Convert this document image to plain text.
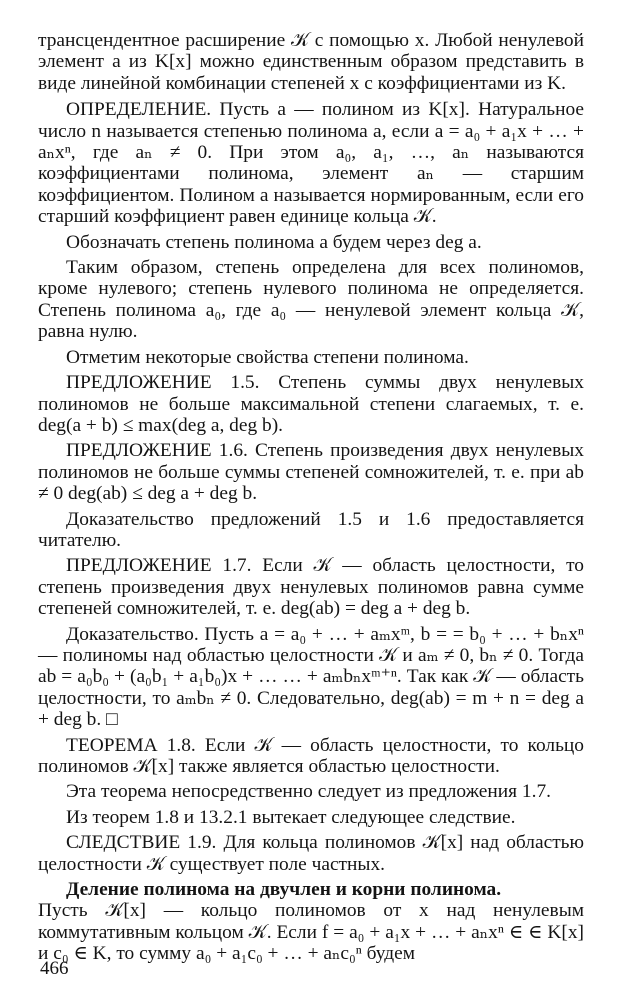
трансцендентное расширение 𝒦 с помощью x. Любой ненулевой элемент a из K[x] можно единственным образом представить в виде линейной комбинации степеней x с коэффициентами из K.

ОПРЕДЕЛЕНИЕ. Пусть a — полином из K[x]. Натуральное число n называется степенью полинома a, если a = a₀ + a₁x + … + aₙxⁿ, где aₙ ≠ 0. При этом a₀, a₁, …, aₙ называются коэффициентами полинома, элемент aₙ — старшим коэффициентом. Полином a называется нормированным, если его старший коэффициент равен единице кольца 𝒦.

Обозначать степень полинома a будем через deg a.

Таким образом, степень определена для всех полиномов, кроме нулевого; степень нулевого полинома не определяется. Степень полинома a₀, где a₀ — ненулевой элемент кольца 𝒦, равна нулю.

Отметим некоторые свойства степени полинома.

ПРЕДЛОЖЕНИЕ 1.5. Степень суммы двух ненулевых полиномов не больше максимальной степени слагаемых, т. е. deg(a + b) ≤ max(deg a, deg b).

ПРЕДЛОЖЕНИЕ 1.6. Степень произведения двух ненулевых полиномов не больше суммы степеней сомножителей, т. е. при ab ≠ 0 deg(ab) ≤ deg a + deg b.

Доказательство предложений 1.5 и 1.6 предоставляется читателю.

ПРЕДЛОЖЕНИЕ 1.7. Если 𝒦 — область целостности, то степень произведения двух ненулевых полиномов равна сумме степеней сомножителей, т. е. deg(ab) = deg a + deg b.

Доказательство. Пусть a = a₀ + … + aₘxᵐ, b = = b₀ + … + bₙxⁿ — полиномы над областью целостности 𝒦 и aₘ ≠ 0, bₙ ≠ 0. Тогда ab = a₀b₀ + (a₀b₁ + a₁b₀)x + … … + aₘbₙxᵐ⁺ⁿ. Так как 𝒦 — область целостности, то aₘbₙ ≠ 0. Следовательно, deg(ab) = m + n = deg a + deg b. □

ТЕОРЕМА 1.8. Если 𝒦 — область целостности, то кольцо полиномов 𝒦[x] также является областью целостности.

Эта теорема непосредственно следует из предложения 1.7.

Из теорем 1.8 и 13.2.1 вытекает следующее следствие.

СЛЕДСТВИЕ 1.9. Для кольца полиномов 𝒦[x] над областью целостности 𝒦 существует поле частных.

Деление полинома на двучлен и корни полинома.

Пусть 𝒦[x] — кольцо полиномов от x над ненулевым коммутативным кольцом 𝒦. Если f = a₀ + a₁x + … + aₙxⁿ ∈ ∈ K[x] и c₀ ∈ K, то сумму a₀ + a₁c₀ + … + aₙc₀ⁿ будем

466
